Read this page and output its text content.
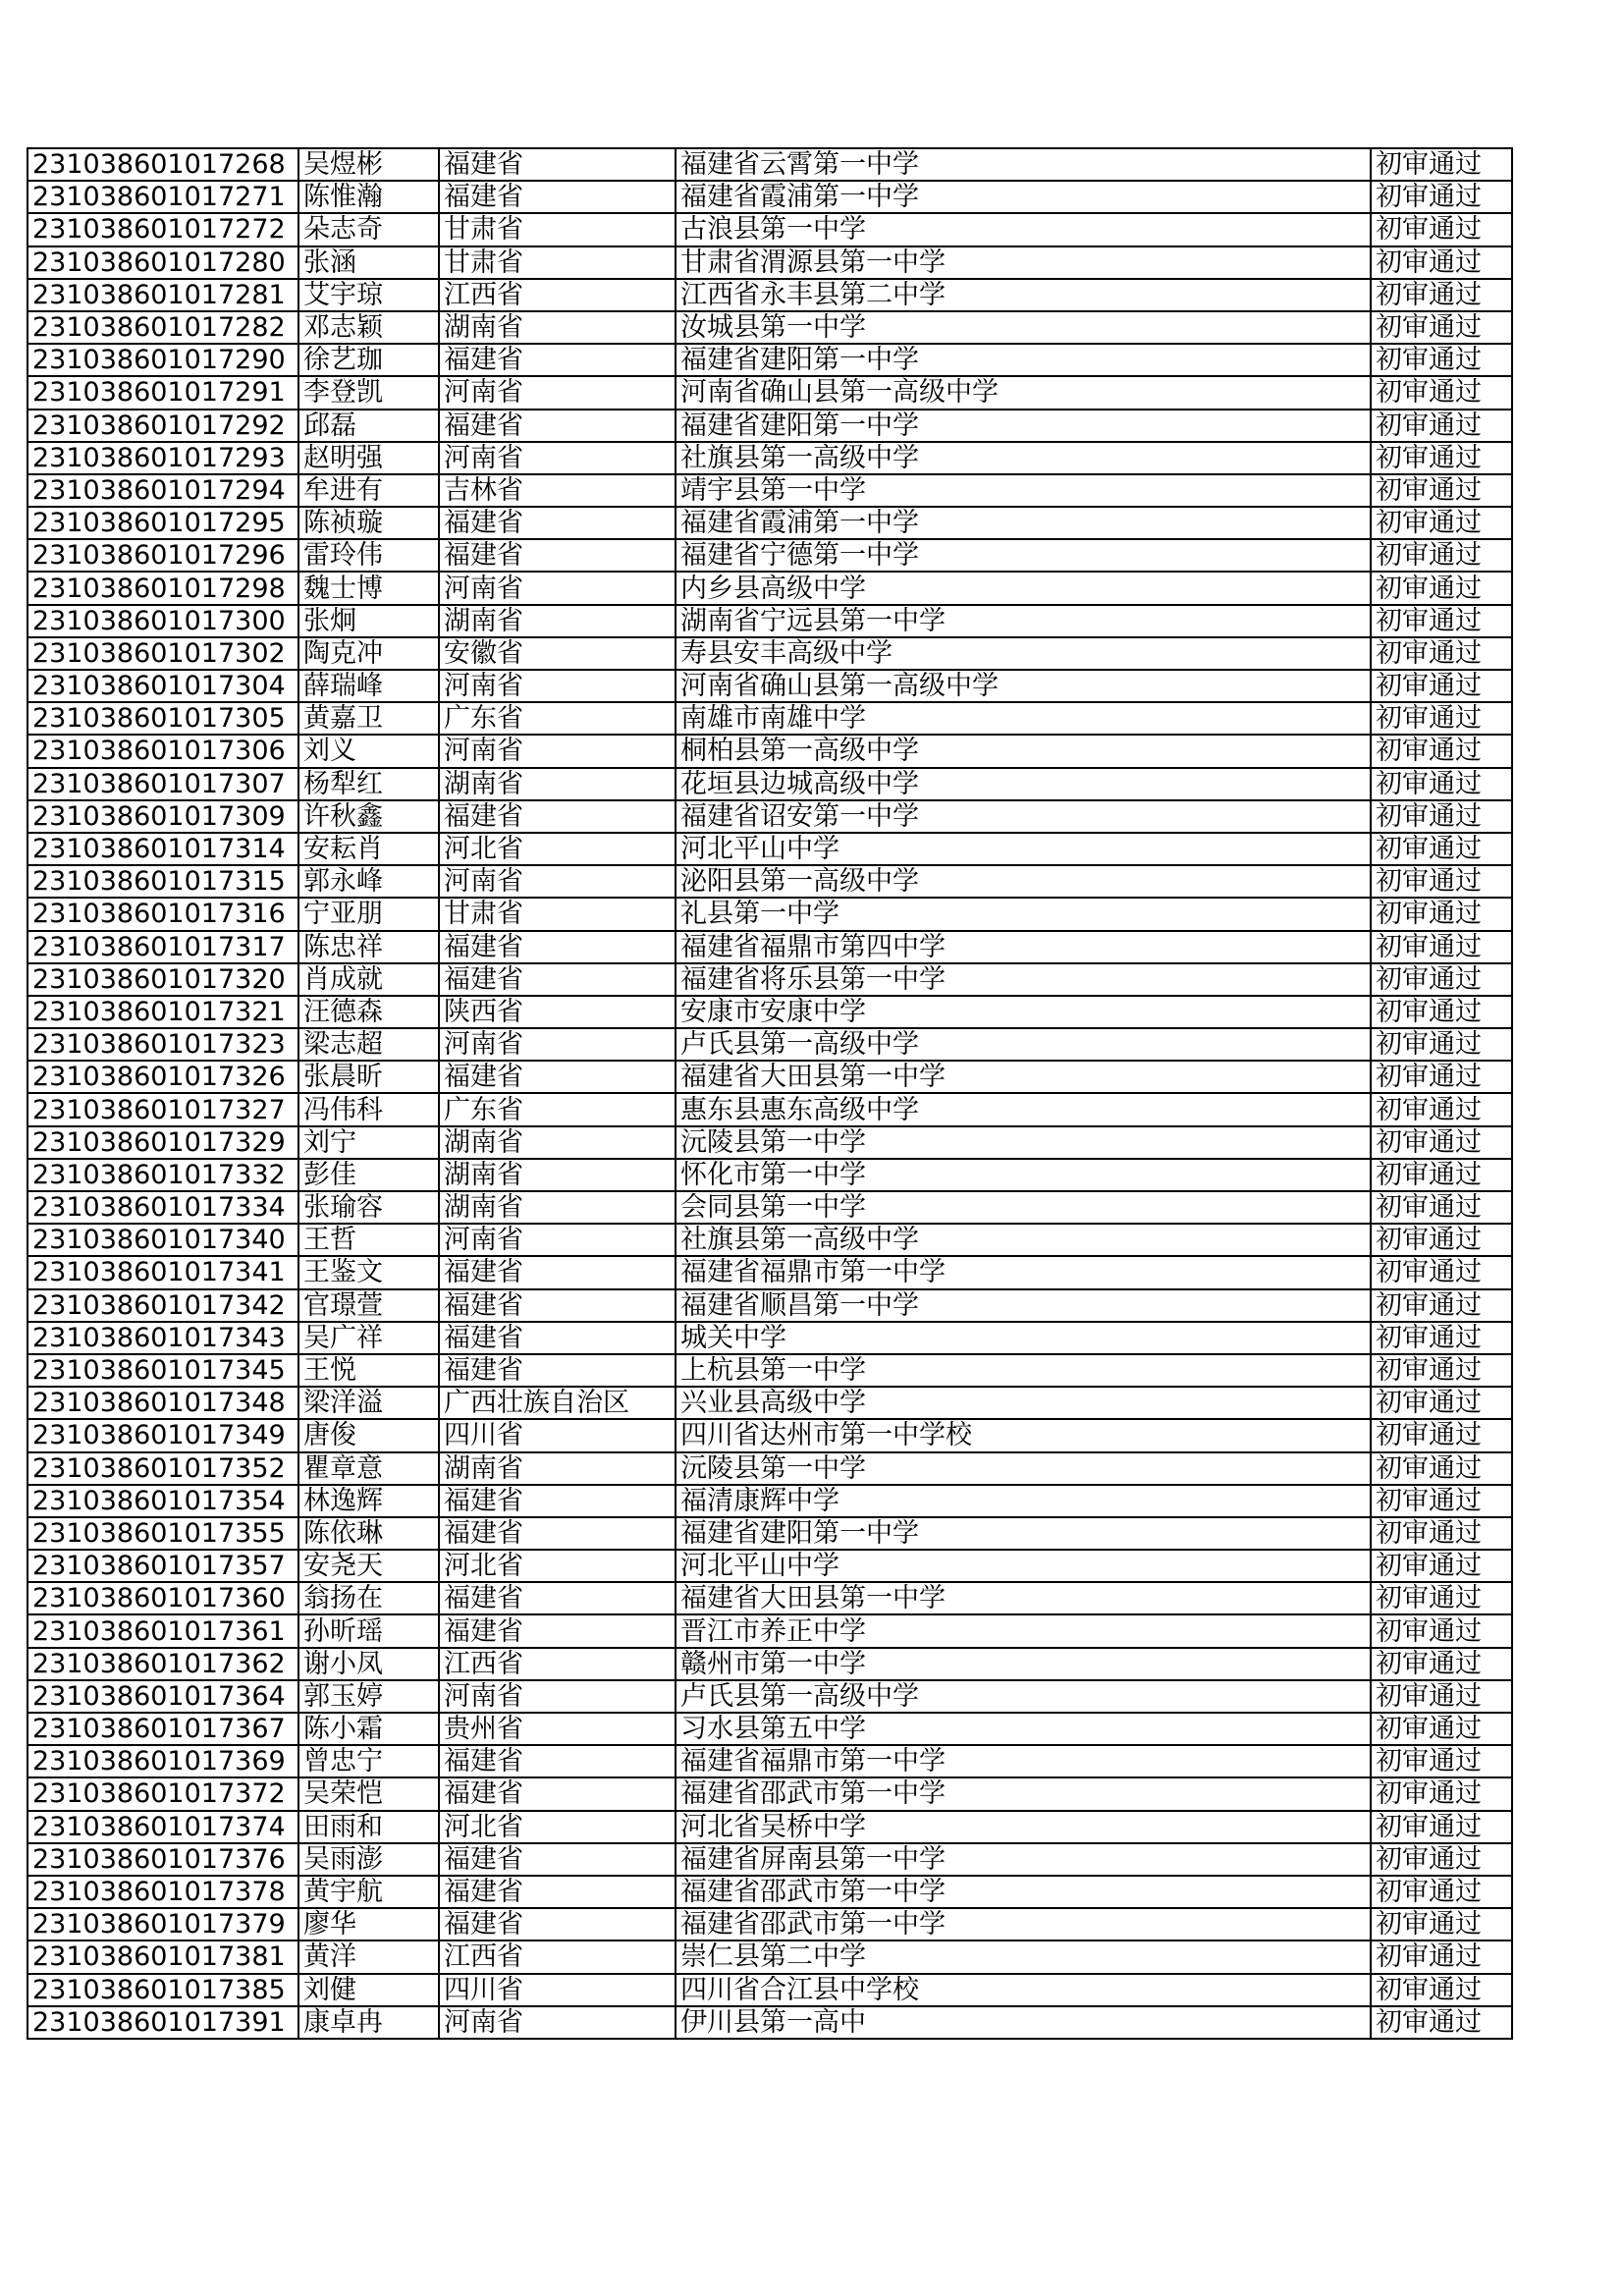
231038601017268	吴煜彬	福建省	福建省云霄第一中学	初审通过	
231038601017271	陈惟瀚	福建省	福建省霞浦第一中学	初审通过	
231038601017272	朵志奇	甘肃省	古浪县第一中学	初审通过	
231038601017280	张涵	甘肃省	甘肃省渭源县第一中学	初审通过	
231038601017281	艾宇琼	江西省	江西省永丰县第二中学	初审通过	
231038601017282	邓志颖	湖南省	汝城县第一中学	初审通过	
231038601017290	徐艺珈	福建省	福建省建阳第一中学	初审通过	
231038601017291	李登凯	河南省	河南省确山县第一高级中学	初审通过	
231038601017292	邱磊	福建省	福建省建阳第一中学	初审通过	
231038601017293	赵明强	河南省	社旗县第一高级中学	初审通过	
231038601017294	牟进有	吉林省	靖宇县第一中学	初审通过	
231038601017295	陈祯璇	福建省	福建省霞浦第一中学	初审通过	
231038601017296	雷玲伟	福建省	福建省宁德第一中学	初审通过	
231038601017298	魏士博	河南省	内乡县高级中学	初审通过	
231038601017300	张炯	湖南省	湖南省宁远县第一中学	初审通过	
231038601017302	陶克冲	安徽省	寿县安丰高级中学	初审通过	
231038601017304	薛瑞峰	河南省	河南省确山县第一高级中学	初审通过	
231038601017305	黄嘉卫	广东省	南雄市南雄中学	初审通过	
231038601017306	刘义	河南省	桐柏县第一高级中学	初审通过	
231038601017307	杨犁红	湖南省	花垣县边城高级中学	初审通过	
231038601017309	许秋鑫	福建省	福建省诏安第一中学	初审通过	
231038601017314	安耘肖	河北省	河北平山中学	初审通过	
231038601017315	郭永峰	河南省	泌阳县第一高级中学	初审通过	
231038601017316	宁亚朋	甘肃省	礼县第一中学	初审通过	
231038601017317	陈忠祥	福建省	福建省福鼎市第四中学	初审通过	
231038601017320	肖成就	福建省	福建省将乐县第一中学	初审通过	
231038601017321	汪德森	陕西省	安康市安康中学	初审通过	
231038601017323	梁志超	河南省	卢氏县第一高级中学	初审通过	
231038601017326	张晨昕	福建省	福建省大田县第一中学	初审通过	
231038601017327	冯伟科	广东省	惠东县惠东高级中学	初审通过	
231038601017329	刘宁	湖南省	沅陵县第一中学	初审通过	
231038601017332	彭佳	湖南省	怀化市第一中学	初审通过	
231038601017334	张瑜容	湖南省	会同县第一中学	初审通过	
231038601017340	王哲	河南省	社旗县第一高级中学	初审通过	
231038601017341	王鉴文	福建省	福建省福鼎市第一中学	初审通过	
231038601017342	官璟萱	福建省	福建省顺昌第一中学	初审通过	
231038601017343	吴广祥	福建省	城关中学	初审通过	
231038601017345	王悦	福建省	上杭县第一中学	初审通过	
231038601017348	梁洋溢	广西壮族自治区	兴业县高级中学	初审通过	
231038601017349	唐俊	四川省	四川省达州市第一中学校	初审通过	
231038601017352	瞿章意	湖南省	沅陵县第一中学	初审通过	
231038601017354	林逸辉	福建省	福清康辉中学	初审通过	
231038601017355	陈依琳	福建省	福建省建阳第一中学	初审通过	
231038601017357	安尧天	河北省	河北平山中学	初审通过	
231038601017360	翁扬在	福建省	福建省大田县第一中学	初审通过	
231038601017361	孙昕瑶	福建省	晋江市养正中学	初审通过	
231038601017362	谢小凤	江西省	赣州市第一中学	初审通过	
231038601017364	郭玉婷	河南省	卢氏县第一高级中学	初审通过	
231038601017367	陈小霜	贵州省	习水县第五中学	初审通过	
231038601017369	曾忠宁	福建省	福建省福鼎市第一中学	初审通过	
231038601017372	吴荣恺	福建省	福建省邵武市第一中学	初审通过	
231038601017374	田雨和	河北省	河北省吴桥中学	初审通过	
231038601017376	吴雨澎	福建省	福建省屏南县第一中学	初审通过	
231038601017378	黄宇航	福建省	福建省邵武市第一中学	初审通过	
231038601017379	廖华	福建省	福建省邵武市第一中学	初审通过	
231038601017381	黄洋	江西省	崇仁县第二中学	初审通过	
231038601017385	刘健	四川省	四川省合江县中学校	初审通过	
231038601017391	康卓冉	河南省	伊川县第一高中	初审通过	
